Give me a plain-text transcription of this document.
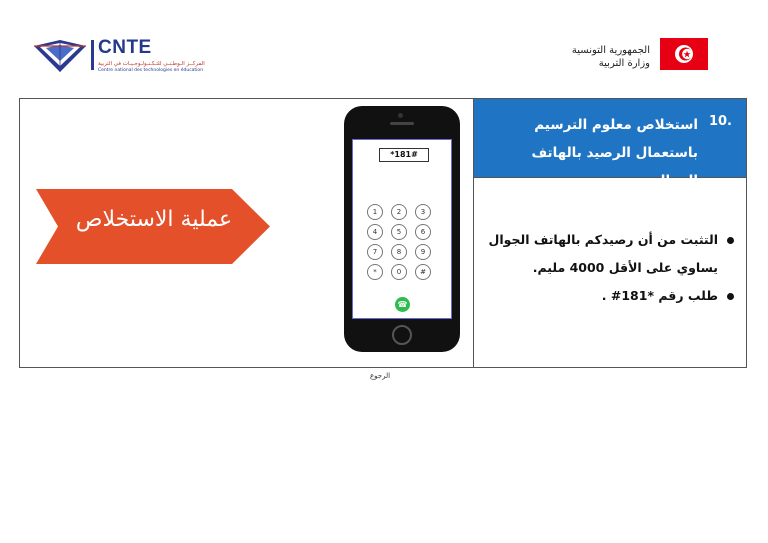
CNTE
المركــز الـوطـنـي للتـكـنـولـوجـيـات في التربية
Centre national des technologies en éducation
الجمهورية التونسية
وزارة التربية
10.
استخلاص معلوم الترسيم باستعمال الرصيد بالهاتف الجوال
التثبت من أن رصيدكم بالهاتف الجوال يساوي على الأقل 4000 مليم.
طلب رقم *181# .
عملية الاستخلاص
*181#
1	2	3
4	5	6
7	8	9
*	0	#
☎
الرجوع
